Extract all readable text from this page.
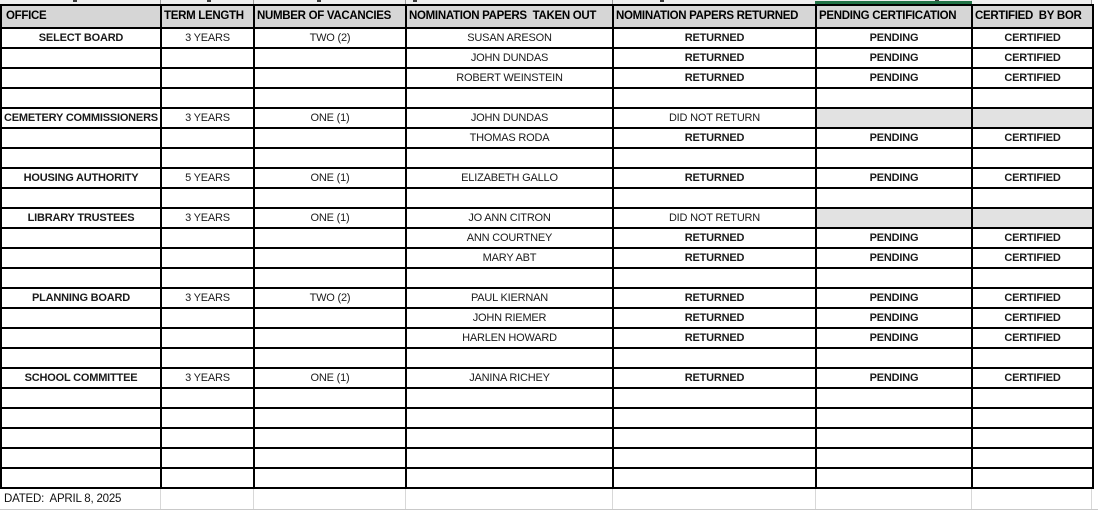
OFFICE	TERM LENGTH	NUMBER OF VACANCIES	NOMINATION PAPERS  TAKEN OUT	NOMINATION PAPERS RETURNED	PENDING CERTIFICATION	CERTIFIED  BY BOR
SELECT BOARD	3 YEARS	TWO (2)	SUSAN ARESON	RETURNED	PENDING	CERTIFIED
			JOHN DUNDAS	RETURNED	PENDING	CERTIFIED
			ROBERT WEINSTEIN	RETURNED	PENDING	CERTIFIED

CEMETERY COMMISSIONERS	3 YEARS	ONE (1)	JOHN DUNDAS	DID NOT RETURN		
			THOMAS RODA	RETURNED	PENDING	CERTIFIED

HOUSING AUTHORITY	5 YEARS	ONE (1)	ELIZABETH GALLO	RETURNED	PENDING	CERTIFIED

LIBRARY TRUSTEES	3 YEARS	ONE (1)	JO ANN CITRON	DID NOT RETURN		
			ANN COURTNEY	RETURNED	PENDING	CERTIFIED
			MARY ABT	RETURNED	PENDING	CERTIFIED

PLANNING BOARD	3 YEARS	TWO (2)	PAUL KIERNAN	RETURNED	PENDING	CERTIFIED
			JOHN RIEMER	RETURNED	PENDING	CERTIFIED
			HARLEN HOWARD	RETURNED	PENDING	CERTIFIED

SCHOOL COMMITTEE	3 YEARS	ONE (1)	JANINA RICHEY	RETURNED	PENDING	CERTIFIED

DATED:  APRIL 8, 2025
